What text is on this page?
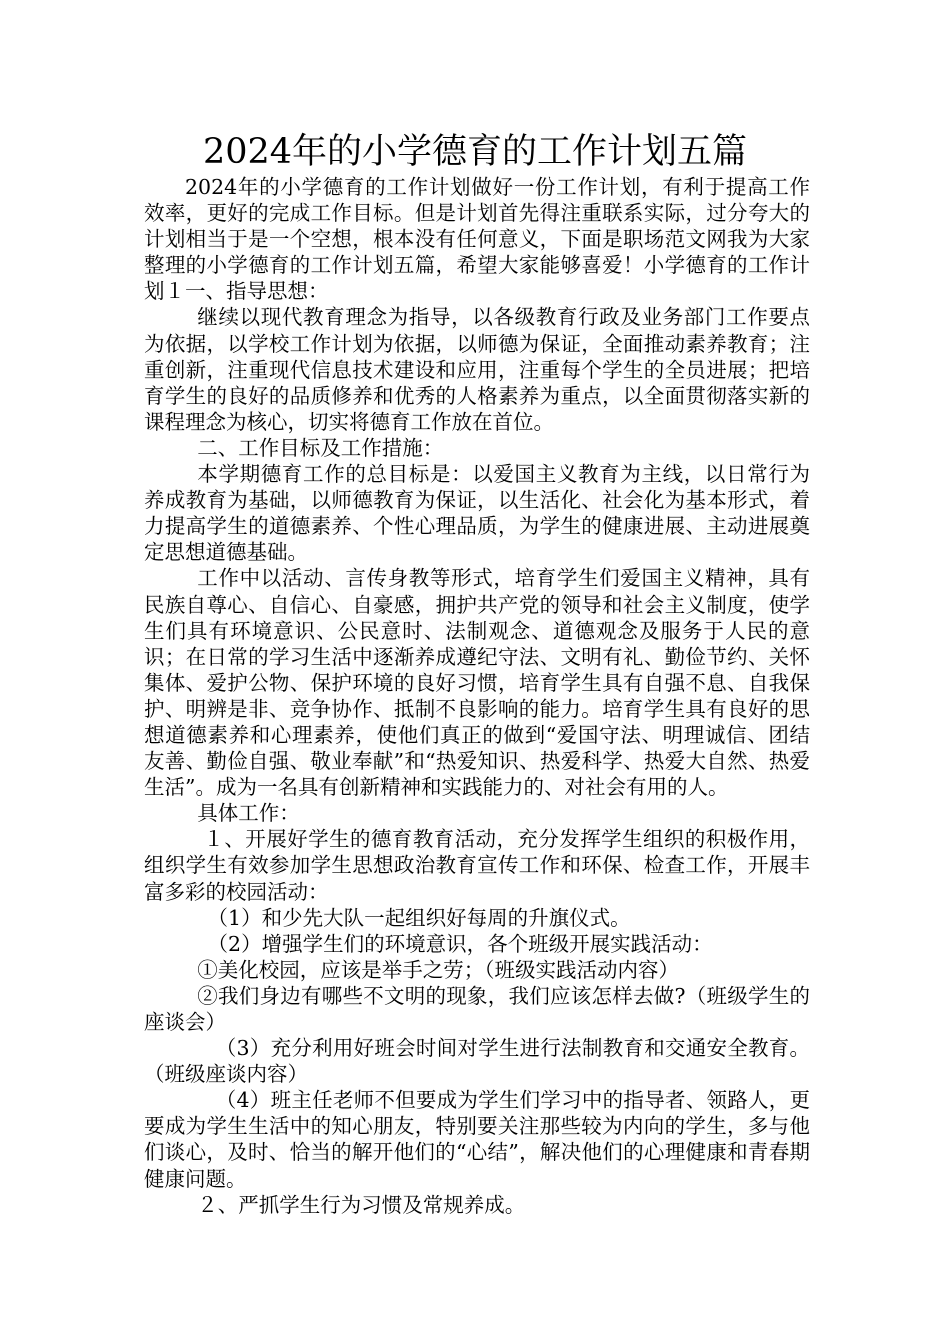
2024年的小学德育的工作计划五篇

2024年的小学德育的工作计划做好一份工作计划，有利于提高工作效率，更好的完成工作目标。但是计划首先得注重联系实际，过分夸大的计划相当于是一个空想，根本没有任何意义，下面是职场范文网我为大家整理的小学德育的工作计划五篇，希望大家能够喜爱！小学德育的工作计划１一、指导思想：

继续以现代教育理念为指导，以各级教育行政及业务部门工作要点为依据，以学校工作计划为依据，以师德为保证，全面推动素养教育；注重创新，注重现代信息技术建设和应用，注重每个学生的全员进展；把培育学生的良好的品质修养和优秀的人格素养为重点，以全面贯彻落实新的课程理念为核心，切实将德育工作放在首位。

二、工作目标及工作措施：

本学期德育工作的总目标是：以爱国主义教育为主线，以日常行为养成教育为基础，以师德教育为保证，以生活化、社会化为基本形式，着力提高学生的道德素养、个性心理品质，为学生的健康进展、主动进展奠定思想道德基础。

工作中以活动、言传身教等形式，培育学生们爱国主义精神，具有民族自尊心、自信心、自豪感，拥护共产党的领导和社会主义制度，使学生们具有环境意识、公民意时、法制观念、道德观念及服务于人民的意识；在日常的学习生活中逐渐养成遵纪守法、文明有礼、勤俭节约、关怀集体、爱护公物、保护环境的良好习惯，培育学生具有自强不息、自我保护、明辨是非、竞争协作、抵制不良影响的能力。培育学生具有良好的思想道德素养和心理素养，使他们真正的做到“爱国守法、明理诚信、团结友善、勤俭自强、敬业奉献”和“热爱知识、热爱科学、热爱大自然、热爱生活”。成为一名具有创新精神和实践能力的、对社会有用的人。

具体工作：

１、开展好学生的德育教育活动，充分发挥学生组织的积极作用，组织学生有效参加学生思想政治教育宣传工作和环保、检查工作，开展丰富多彩的校园活动：

（1）和少先大队一起组织好每周的升旗仪式。

（2）增强学生们的环境意识，各个班级开展实践活动：

①美化校园，应该是举手之劳；（班级实践活动内容）

②我们身边有哪些不文明的现象，我们应该怎样去做?（班级学生的座谈会）

（3）充分利用好班会时间对学生进行法制教育和交通安全教育。（班级座谈内容）

（4）班主任老师不但要成为学生们学习中的指导者、领路人，更要成为学生生活中的知心朋友，特别要关注那些较为内向的学生，多与他们谈心，及时、恰当的解开他们的“心结”，解决他们的心理健康和青春期健康问题。

２、严抓学生行为习惯及常规养成。
